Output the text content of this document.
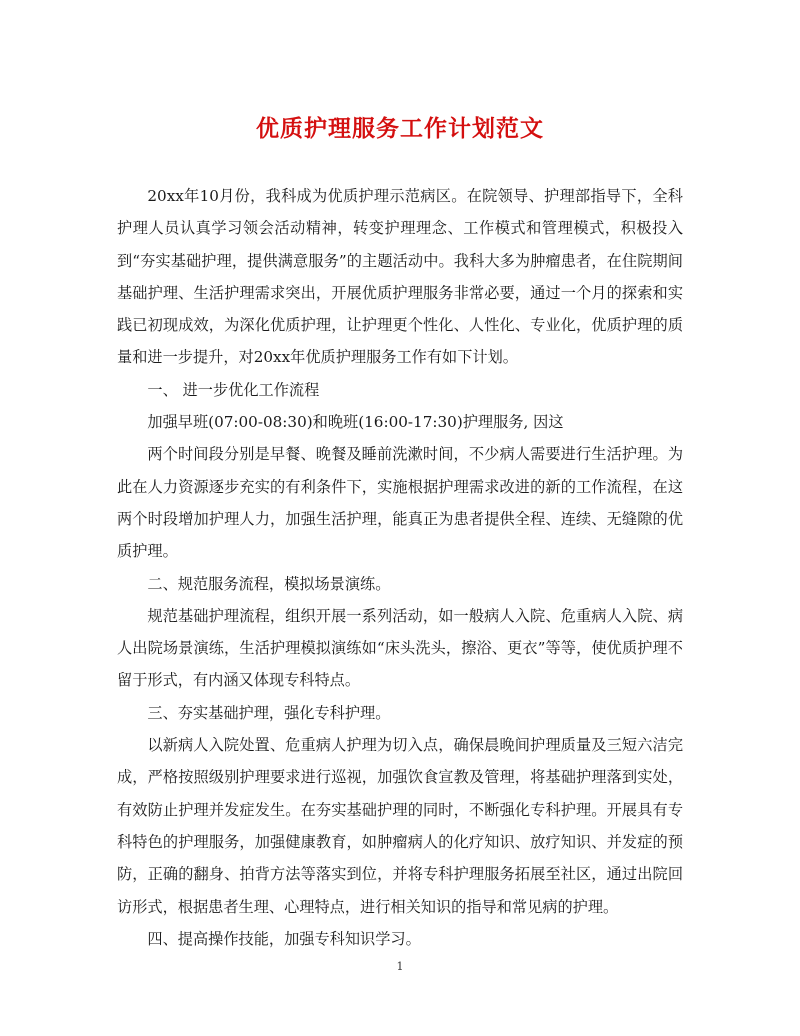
优质护理服务工作计划范文

20xx年10月份，我科成为优质护理示范病区。在院领导、护理部指导下，全科护理人员认真学习领会活动精神，转变护理理念、工作模式和管理模式，积极投入到“夯实基础护理，提供满意服务”的主题活动中。我科大多为肿瘤患者，在住院期间基础护理、生活护理需求突出，开展优质护理服务非常必要，通过一个月的探索和实践已初现成效，为深化优质护理，让护理更个性化、人性化、专业化，优质护理的质量和进一步提升，对20xx年优质护理服务工作有如下计划。

一、 进一步优化工作流程

加强早班(07:00-08:30)和晚班(16:00-17:30)护理服务, 因这

两个时间段分别是早餐、晚餐及睡前洗漱时间，不少病人需要进行生活护理。为此在人力资源逐步充实的有利条件下，实施根据护理需求改进的新的工作流程，在这两个时段增加护理人力，加强生活护理，能真正为患者提供全程、连续、无缝隙的优质护理。

二、规范服务流程，模拟场景演练。

规范基础护理流程，组织开展一系列活动，如一般病人入院、危重病人入院、病人出院场景演练，生活护理模拟演练如“床头洗头，擦浴、更衣”等等，使优质护理不留于形式，有内涵又体现专科特点。

三、夯实基础护理，强化专科护理。

以新病人入院处置、危重病人护理为切入点，确保晨晚间护理质量及三短六洁完成，严格按照级别护理要求进行巡视，加强饮食宣教及管理，将基础护理落到实处，有效防止护理并发症发生。在夯实基础护理的同时，不断强化专科护理。开展具有专科特色的护理服务，加强健康教育，如肿瘤病人的化疗知识、放疗知识、并发症的预防，正确的翻身、拍背方法等落实到位，并将专科护理服务拓展至社区，通过出院回访形式，根据患者生理、心理特点，进行相关知识的指导和常见病的护理。

四、提高操作技能，加强专科知识学习。

1
